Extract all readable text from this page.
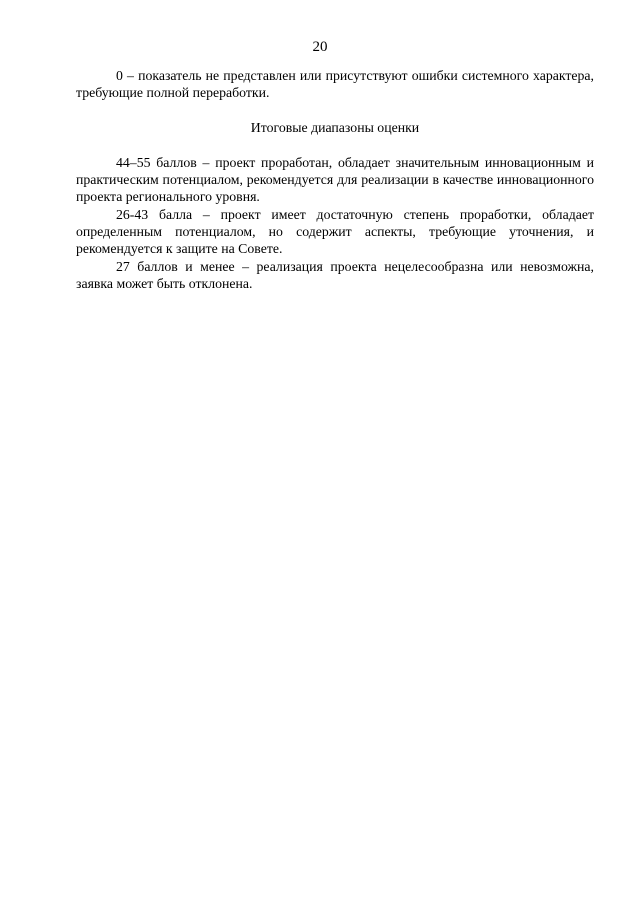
20

0 – показатель не представлен или присутствуют ошибки системного характера, требующие полной переработки.

Итоговые диапазоны оценки

44–55 баллов – проект проработан, обладает значительным инновационным и практическим потенциалом, рекомендуется для реализации в качестве инновационного проекта регионального уровня.

26-43 балла – проект имеет достаточную степень проработки, обладает определенным потенциалом, но содержит аспекты, требующие уточнения, и рекомендуется к защите на Совете.

27 баллов и менее – реализация проекта нецелесообразна или невозможна, заявка может быть отклонена.
